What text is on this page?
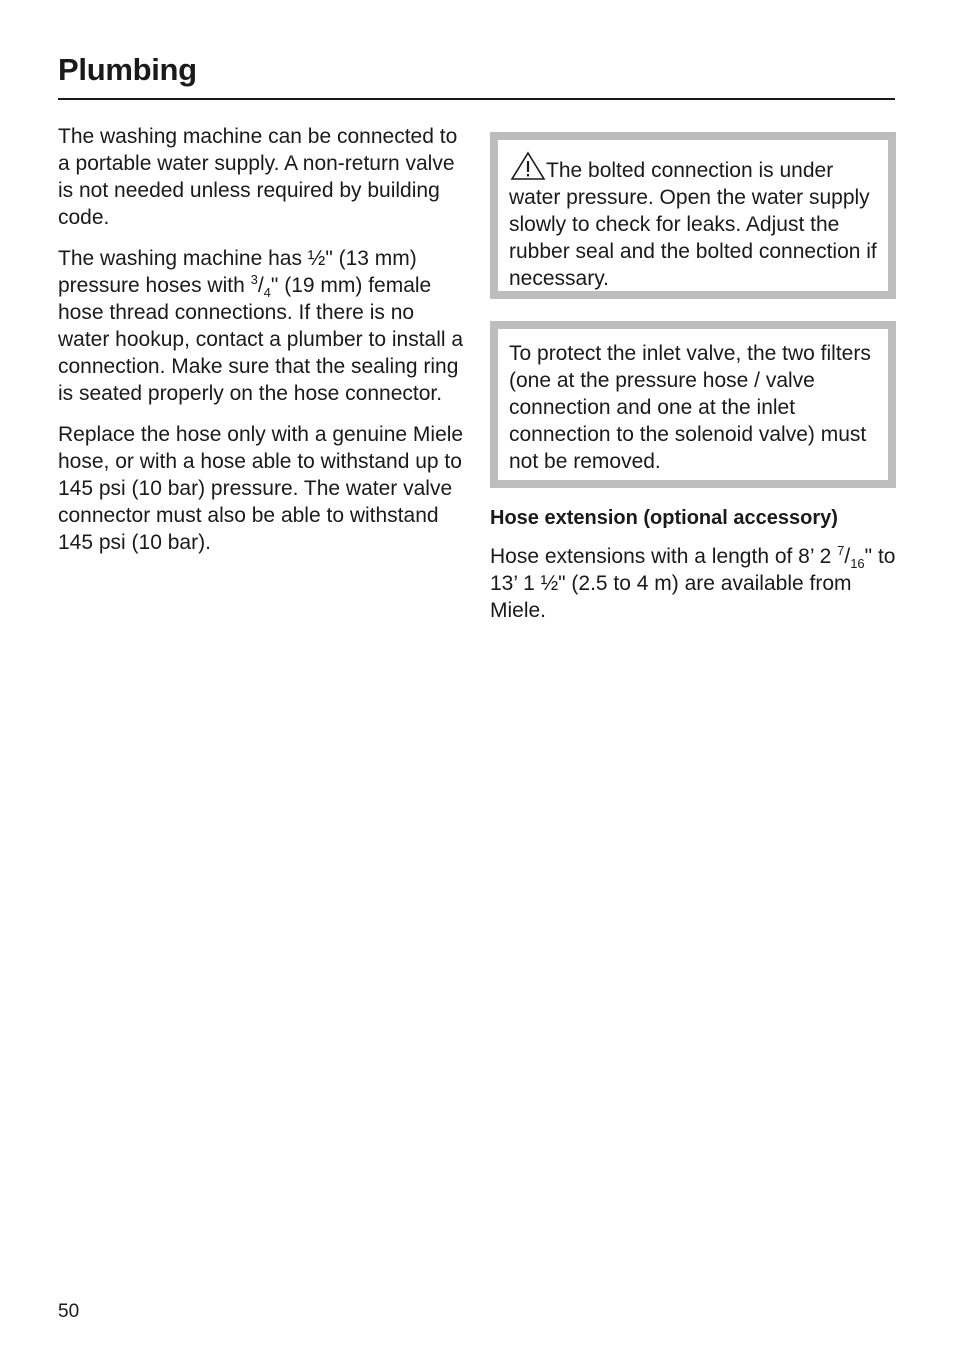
Plumbing

The washing machine can be connected to a portable water supply. A non-return valve is not needed unless required by building code.

The washing machine has ½" (13 mm) pressure hoses with $^3/_4$" (19 mm) female hose thread connections. If there is no water hookup, contact a plumber to install a connection. Make sure that the sealing ring is seated properly on the hose connector.

Replace the hose only with a genuine Miele hose, or with a hose able to withstand up to 145 psi (10 bar) pressure. The water valve connector must also be able to withstand 145 psi (10 bar).

The bolted connection is under water pressure. Open the water supply slowly to check for leaks. Adjust the rubber seal and the bolted connection if necessary.
To protect the inlet valve, the two filters (one at the pressure hose / valve connection and one at the inlet connection to the solenoid valve) must not be removed.
Hose extension (optional accessory)

Hose extensions with a length of 8’ 2 $^7/_{16}$" to 13’ 1 ½" (2.5 to 4 m) are available from Miele.

50
